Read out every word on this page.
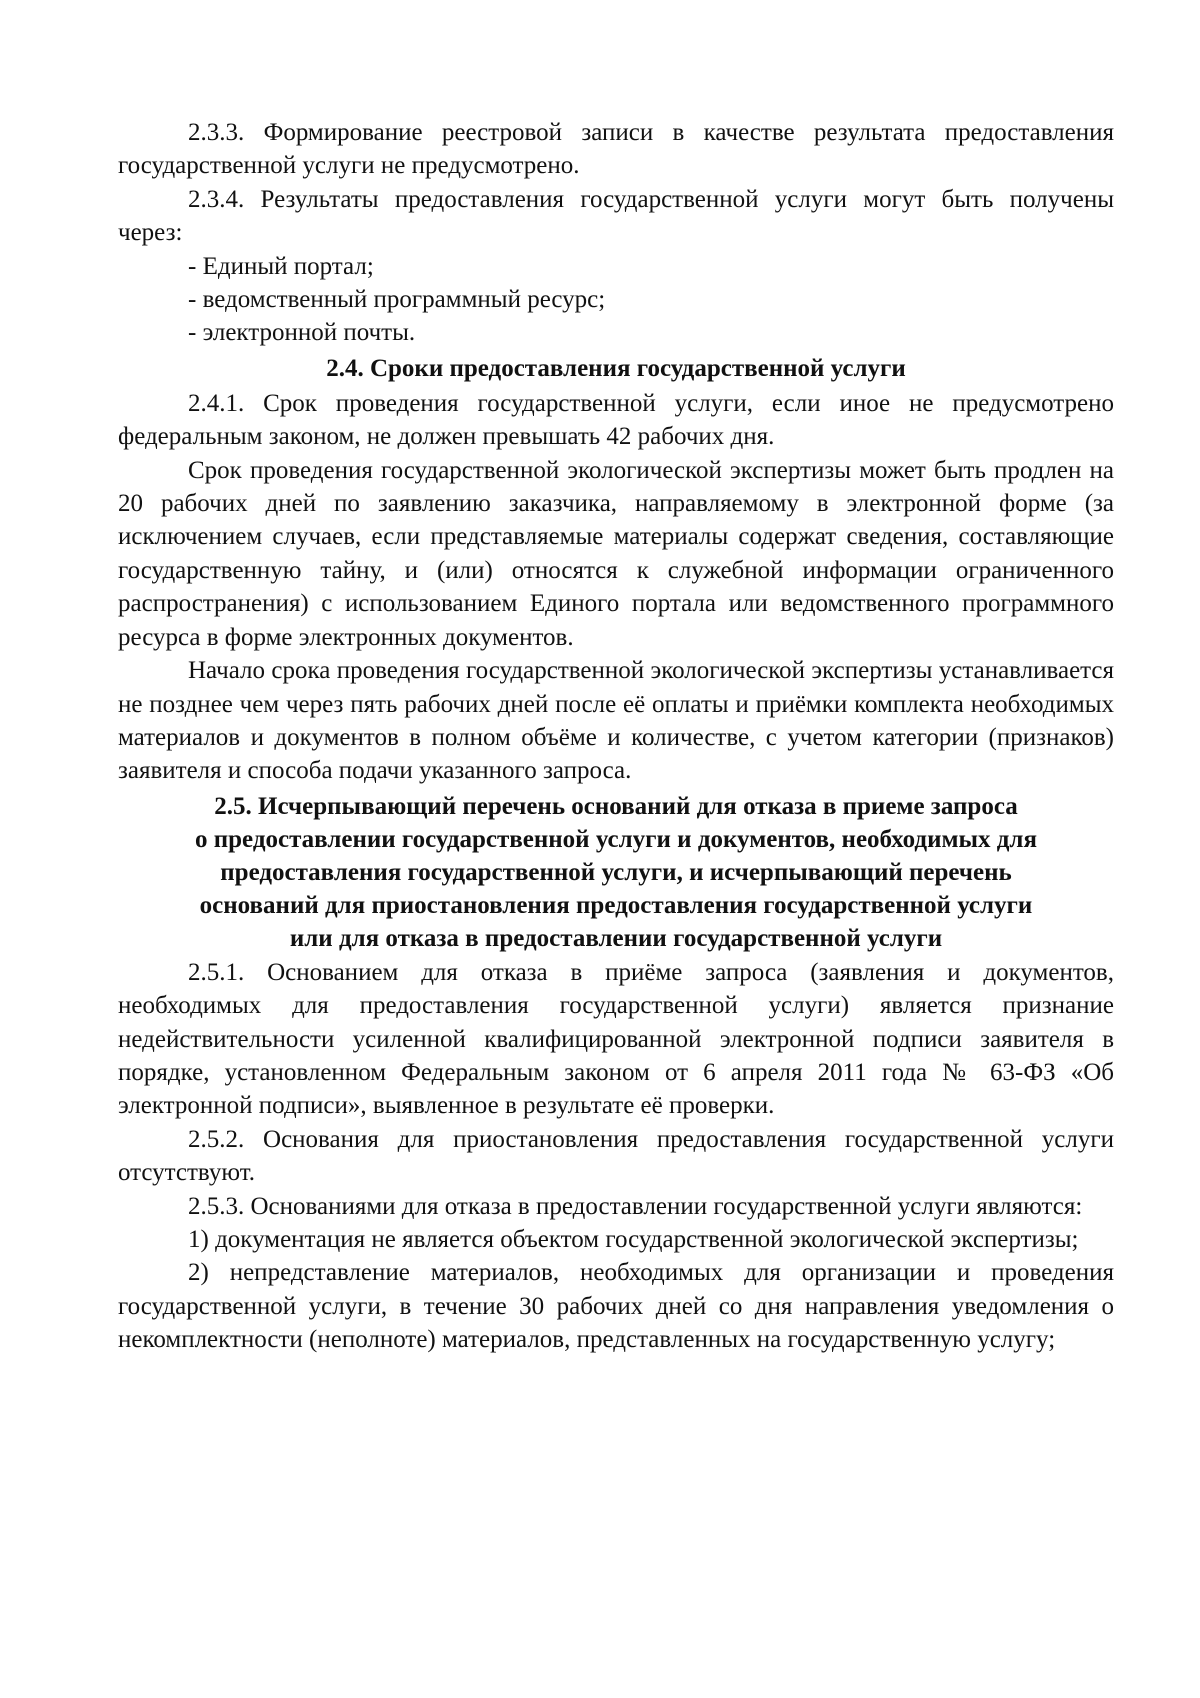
2.3.3. Формирование реестровой записи в качестве результата предоставления государственной услуги не предусмотрено.

2.3.4. Результаты предоставления государственной услуги могут быть получены через:

- Единый портал;

- ведомственный программный ресурс;

- электронной почты.

2.4. Сроки предоставления государственной услуги

2.4.1. Срок проведения государственной услуги, если иное не предусмотрено федеральным законом, не должен превышать 42 рабочих дня.

Срок проведения государственной экологической экспертизы может быть продлен на 20 рабочих дней по заявлению заказчика, направляемому в электронной форме (за исключением случаев, если представляемые материалы содержат сведения, составляющие государственную тайну, и (или) относятся к служебной информации ограниченного распространения) с использованием Единого портала или ведомственного программного ресурса в форме электронных документов.

Начало срока проведения государственной экологической экспертизы устанавливается не позднее чем через пять рабочих дней после её оплаты и приёмки комплекта необходимых материалов и документов в полном объёме и количестве, с учетом категории (признаков) заявителя и способа подачи указанного запроса.

2.5. Исчерпывающий перечень оснований для отказа в приеме запроса
о предоставлении государственной услуги и документов, необходимых для
предоставления государственной услуги, и исчерпывающий перечень
оснований для приостановления предоставления государственной услуги
или для отказа в предоставлении государственной услуги

2.5.1. Основанием для отказа в приёме запроса (заявления и документов, необходимых для предоставления государственной услуги) является признание недействительности усиленной квалифицированной электронной подписи заявителя в порядке, установленном Федеральным законом от 6 апреля 2011 года № 63-ФЗ «Об электронной подписи», выявленное в результате её проверки.

2.5.2. Основания для приостановления предоставления государственной услуги отсутствуют.

2.5.3. Основаниями для отказа в предоставлении государственной услуги являются:

1) документация не является объектом государственной экологической экспертизы;

2) непредставление материалов, необходимых для организации и проведения государственной услуги, в течение 30 рабочих дней со дня направления уведомления о некомплектности (неполноте) материалов, представленных на государственную услугу;
